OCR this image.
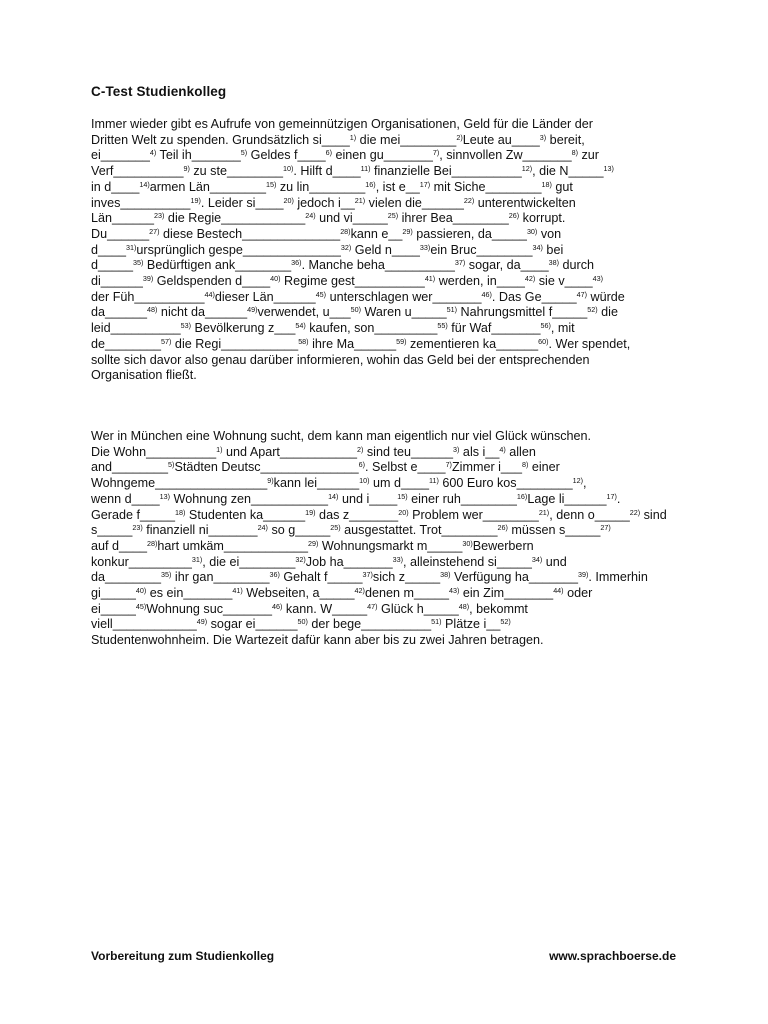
C-Test Studienkolleg
Immer wieder gibt es Aufrufe von gemeinnützigen Organisationen, Geld für die Länder der
Dritten Welt zu spenden. Grundsätzlich si____$^{1)}$ die mei________$^{2)}$Leute au____$^{3)}$ bereit,
ei_______$^{4)}$ Teil ih_______$^{5)}$ Geldes f____$^{6)}$ einen gu_______$^{7)}$, sinnvollen Zw_______$^{8)}$ zur
Verf__________$^{9)}$ zu ste________$^{10)}$. Hilft d____$^{11)}$ finanzielle Bei__________$^{12)}$, die N_____$^{13)}$
in d____$^{14)}$armen Län________$^{15)}$ zu lin________$^{16)}$, ist e__$^{17)}$ mit Siche________$^{18)}$ gut
inves__________$^{19)}$. Leider si____$^{20)}$ jedoch i__$^{21)}$ vielen die______$^{22)}$ unterentwickelten
Län______$^{23)}$ die Regie____________$^{24)}$ und vi_____$^{25)}$ ihrer Bea________$^{26)}$ korrupt.
Du______$^{27)}$ diese Bestech______________$^{28)}$kann e__$^{29)}$ passieren, da_____$^{30)}$ von
d____$^{31)}$ursprünglich gespe______________$^{32)}$ Geld n____$^{33)}$ein Bruc________$^{34)}$ bei
d_____$^{35)}$ Bedürftigen ank________$^{36)}$. Manche beha__________$^{37)}$ sogar, da____$^{38)}$ durch
di______$^{39)}$ Geldspenden d____$^{40)}$ Regime gest__________$^{41)}$ werden, in____$^{42)}$ sie v____$^{43)}$
der Füh__________$^{44)}$dieser Län______$^{45)}$ unterschlagen wer_______$^{46)}$. Das Ge_____$^{47)}$ würde
da______$^{48)}$ nicht da______$^{49)}$verwendet, u___$^{50)}$ Waren u_____$^{51)}$ Nahrungsmittel f_____$^{52)}$ die
leid__________$^{53)}$ Bevölkerung z___$^{54)}$ kaufen, son_________$^{55)}$ für Waf_______$^{56)}$, mit
de________$^{57)}$ die Regi___________$^{58)}$ ihre Ma______$^{59)}$ zementieren ka______$^{60)}$. Wer spendet,
sollte sich davor also genau darüber informieren, wohin das Geld bei der entsprechenden
Organisation fließt.
Wer in München eine Wohnung sucht, dem kann man eigentlich nur viel Glück wünschen.
Die Wohn__________$^{1)}$ und Apart___________$^{2)}$ sind teu______$^{3)}$ als i__$^{4)}$ allen
and________$^{5)}$Städten Deutsc______________$^{6)}$. Selbst e____$^{7)}$Zimmer i___$^{8)}$ einer
Wohngeme________________$^{9)}$kann lei______$^{10)}$ um d____$^{11)}$ 600 Euro kos________$^{12)}$,
wenn d____$^{13)}$ Wohnung zen___________$^{14)}$ und i____$^{15)}$ einer ruh________$^{16)}$Lage li______$^{17)}$.
Gerade f_____$^{18)}$ Studenten ka______$^{19)}$ das z_______$^{20)}$ Problem wer________$^{21)}$, denn o_____$^{22)}$ sind
s_____$^{23)}$ finanziell ni_______$^{24)}$ so g_____$^{25)}$ ausgestattet. Trot________$^{26)}$ müssen s_____$^{27)}$
auf d____$^{28)}$hart umkäm____________$^{29)}$ Wohnungsmarkt m_____$^{30)}$Bewerbern
konkur_________$^{31)}$, die ei________$^{32)}$Job ha_______$^{33)}$, alleinstehend si_____$^{34)}$ und
da________$^{35)}$ ihr gan________$^{36)}$ Gehalt f_____$^{37)}$sich z_____$^{38)}$ Verfügung ha_______$^{39)}$. Immerhin
gi_____$^{40)}$ es ein_______$^{41)}$ Webseiten, a_____$^{42)}$denen m_____$^{43)}$ ein Zim_______$^{44)}$ oder
ei_____$^{45)}$Wohnung suc_______$^{46)}$ kann. W_____$^{47)}$ Glück h_____$^{48)}$, bekommt
viell____________$^{49)}$ sogar ei______$^{50)}$ der bege__________$^{51)}$ Plätze i__$^{52)}$
Studentenwohnheim. Die Wartezeit dafür kann aber bis zu zwei Jahren betragen.
Vorbereitung zum Studienkolleg	www.sprachboerse.de
